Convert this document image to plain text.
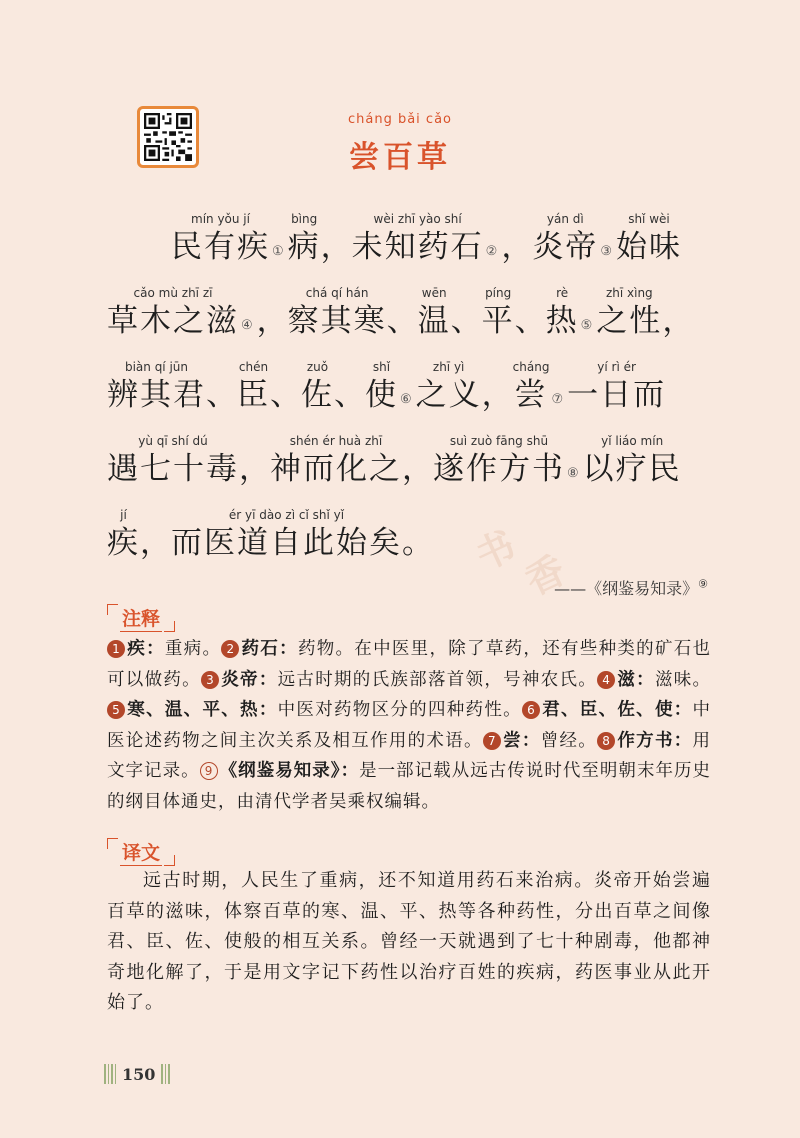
cháng bǎi cǎo
尝百草
mín yǒu jí
民有疾 ①
bìng
病 ，
wèi zhī yào shí
未知药石 ② ，
yán dì
炎帝 ③
shǐ wèi
始味
cǎo mù zhī zī
草木之滋 ④ ，
chá qí hán
察其寒 、
wēn
温 、
píng
平 、
rè
热 ⑤
zhī xìng
之性 ，
biàn qí jūn
辨其君 、
chén
臣 、
zuǒ
佐 、
shǐ
使 ⑥
zhī yì
之义 ，
cháng
尝 ⑦
yí rì ér
一日而
yù qī shí dú
遇七十毒 ，
shén ér huà zhī
神而化之 ，
suì zuò fāng shū
遂作方书 ⑧
yǐ liáo mín
以疗民
jí
疾 ，
ér yī dào zì cǐ shǐ yǐ
而医道自此始矣 。 书
香
——《纲鉴易知录》⑨
注释
1 疾：重病。 2 药石：药物。在中医里，除了草药，还有些种类的矿石也可以做药。 3 炎帝：远古时期的氏族部落首领，号神农氏。 4 滋：滋味。5 寒、温、平、热：中医对药物区分的四种药性。 6 君、臣、佐、使：中医论述药物之间主次关系及相互作用的术语。 7 尝：曾经。 8 作方书：用文字记录。 9 《纲鉴易知录》：是一部记载从远古传说时代至明朝末年历史的纲目体通史，由清代学者吴乘权编辑。
译文

远古时期，人民生了重病，还不知道用药石来治病。炎帝开始尝遍百草的滋味，体察百草的寒、温、平、热等各种药性，分出百草之间像君、臣、佐、使般的相互关系。曾经一天就遇到了七十种剧毒，他都神奇地化解了，于是用文字记下药性以治疗百姓的疾病，药医事业从此开始了。

150
